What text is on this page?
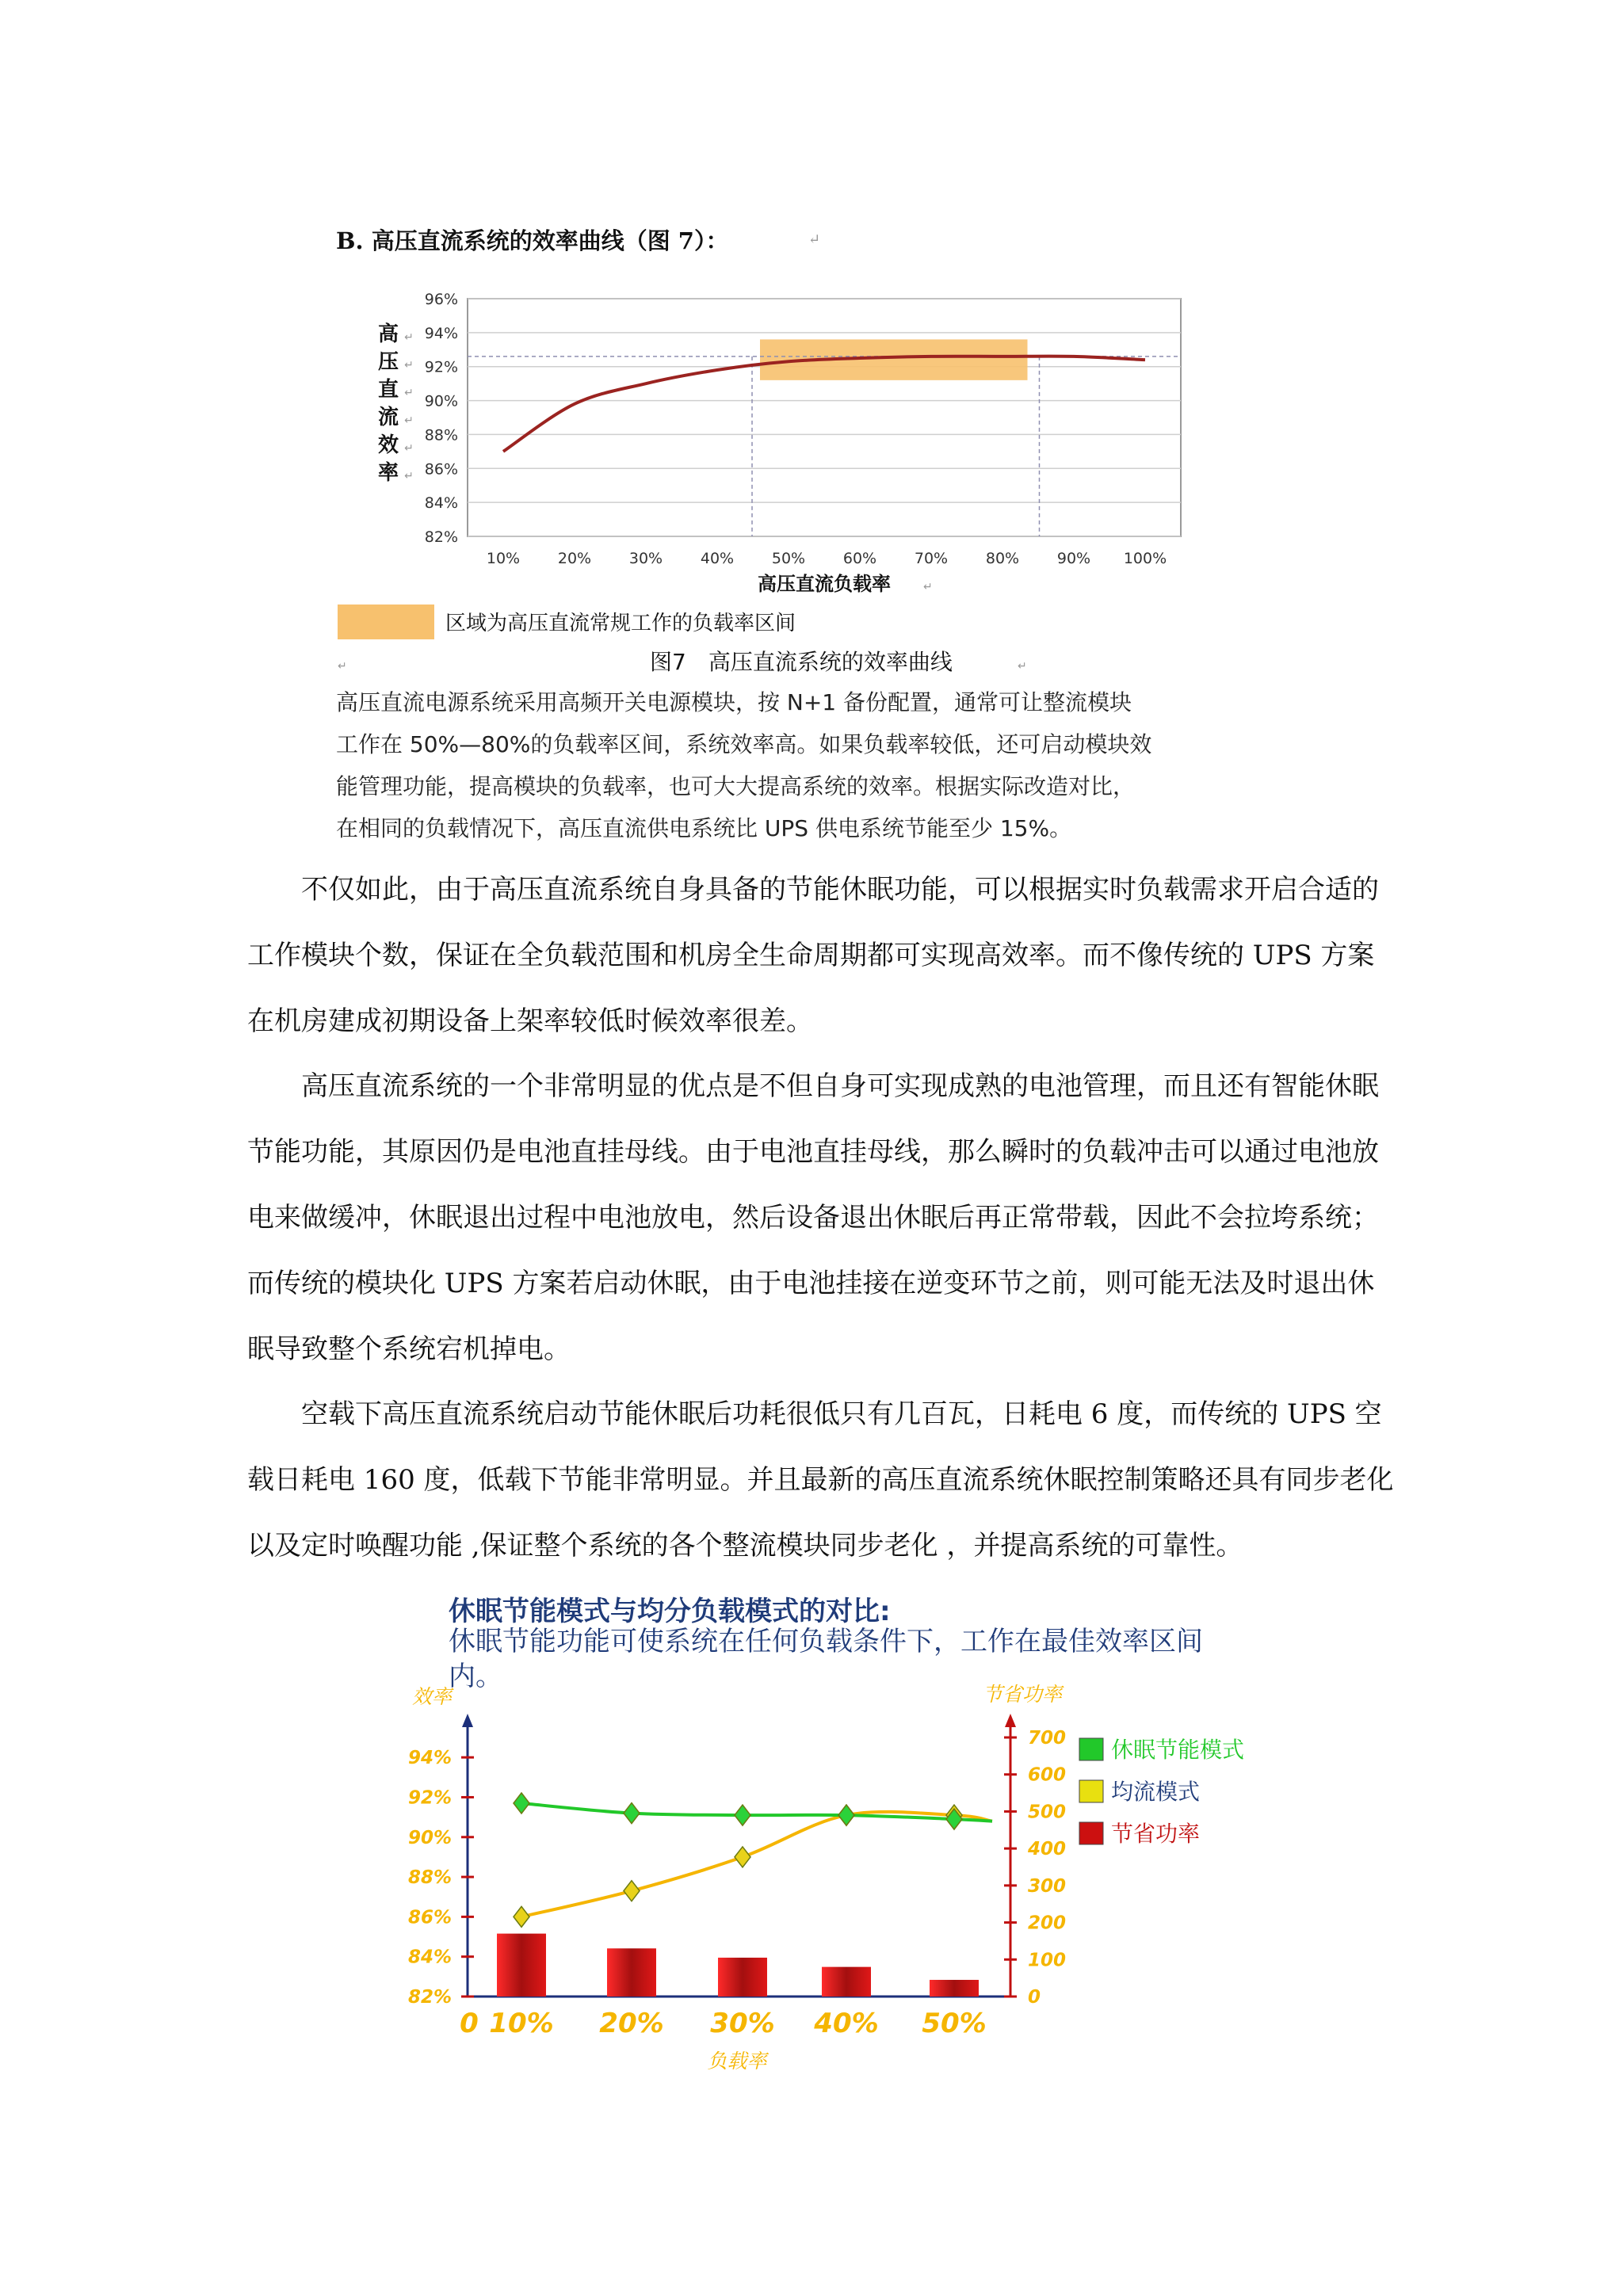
B. 高压直流系统的效率曲线（图 7）：	↵
96%
94%
92%
90%
88%
86%
84%
82%
10%	20%	30%	40%	50%	60%	70%	80%	90% 100%
高 ↵
压 ↵
直 ↵
流 ↵
效 ↵
率 ↵
高压直流负载率	↵
区域为高压直流常规工作的负载率区间
图7　高压直流系统的效率曲线	↵
↵

高压直流电源系统采用高频开关电源模块，按 N+1 备份配置，通常可让整流模块

工作在 50%—80%的负载率区间，系统效率高。如果负载率较低，还可启动模块效

能管理功能，提高模块的负载率，也可大大提高系统的效率。根据实际改造对比，

在相同的负载情况下，高压直流供电系统比 UPS 供电系统节能至少 15%。

不仅如此，由于高压直流系统自身具备的节能休眠功能，可以根据实时负载需求开启合适的

工作模块个数，保证在全负载范围和机房全生命周期都可实现高效率。而不像传统的 UPS 方案

在机房建成初期设备上架率较低时候效率很差。

高压直流系统的一个非常明显的优点是不但自身可实现成熟的电池管理，而且还有智能休眠

节能功能，其原因仍是电池直挂母线。由于电池直挂母线，那么瞬时的负载冲击可以通过电池放

电来做缓冲，休眠退出过程中电池放电，然后设备退出休眠后再正常带载，因此不会拉垮系统；

而传统的模块化 UPS 方案若启动休眠，由于电池挂接在逆变环节之前，则可能无法及时退出休

眠导致整个系统宕机掉电。

空载下高压直流系统启动节能休眠后功耗很低只有几百瓦，日耗电 6 度，而传统的 UPS 空

载日耗电 160 度，低载下节能非常明显。并且最新的高压直流系统休眠控制策略还具有同步老化

以及定时唤醒功能 ,保证整个系统的各个整流模块同步老化 ，并提高系统的可靠性。

休眠节能模式与均分负载模式的对比:
休眠节能功能可使系统在任何负载条件下，工作在最佳效率区间内。
效率	节省功率
94%
92%
90%
88%
86%
84%
82%
700
600
500
400
300
200
100
0
0 10% 20% 30% 40% 50%
负载率
休眠节能模式
均流模式
节省功率
